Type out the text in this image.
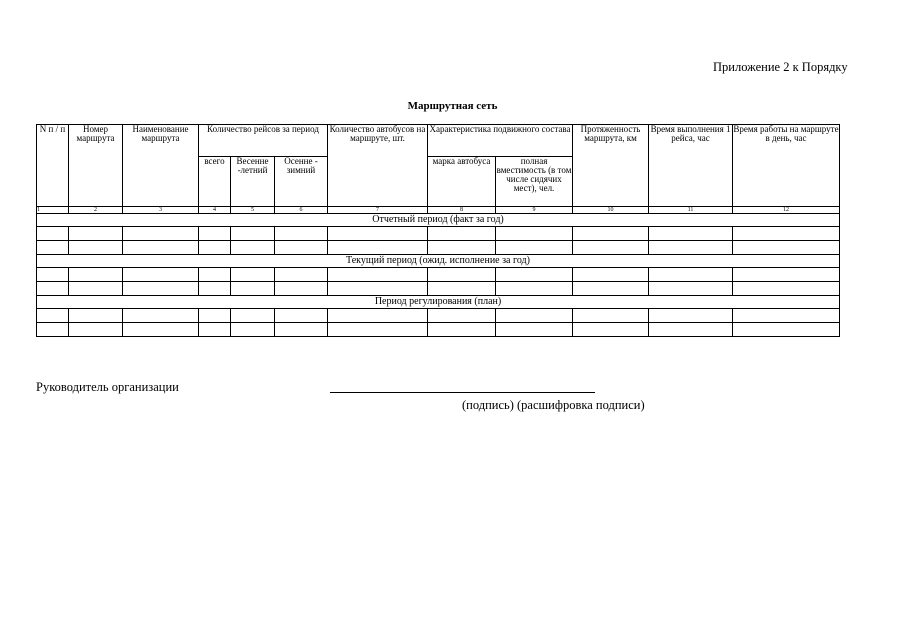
Приложение 2 к Порядку
Маршрутная сеть
N п / п	Номер маршрута	Наименование маршрута	Количество рейсов за период			Количество автобусов на маршруте, шт.	Характеристика подвижного состава		Протяженность маршрута, км	Время выполнения 1 рейса, час	Время работы на маршруте в день, час
			всего	Весенне -летний	Осенне - зимний		марка автобуса	полная вместимость (в том числе сидячих мест), чел.			
1	2	3	4	5	6	7	8	9	10	11	12
Отчетный период (факт за год)											

Текущий период (ожид. исполнение за год)											

Период регулирования (план)											

Руководитель организации
(подпись) (расшифровка подписи)
